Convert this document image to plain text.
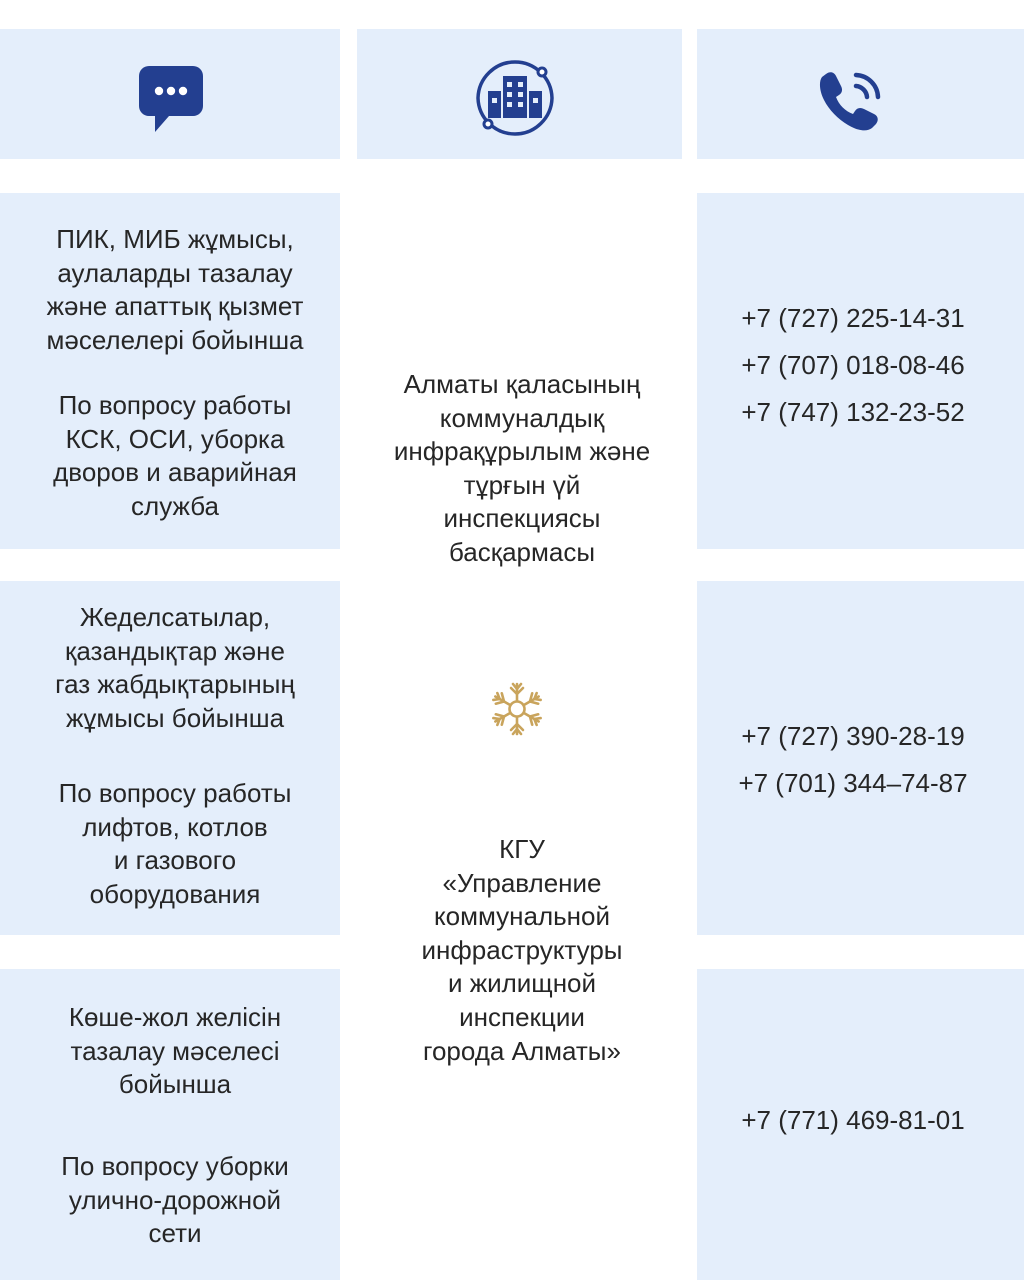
ПИК, МИБ жұмысы,
аулаларды тазалау
және апаттық қызмет
мәселелері бойынша
По вопросу работы
КСК, ОСИ, уборка
дворов и аварийная
служба
+7 (727) 225-14-31
+7 (707) 018-08-46
+7 (747) 132-23-52
Жеделсатылар,
қазандықтар және
газ жабдықтарының
жұмысы бойынша
По вопросу работы
лифтов, котлов
и газового
оборудования
+7 (727) 390-28-19
+7 (701) 344–74-87
Көше-жол желісін
тазалау мәселесі
бойынша
По вопросу уборки
улично-дорожной
сети
+7 (771) 469-81-01
Алматы қаласының
коммуналдық
инфрақұрылым және
тұрғын үй
инспекциясы
басқармасы
КГУ
«Управление
коммунальной
инфраструктуры
и жилищной
инспекции
города Алматы»
